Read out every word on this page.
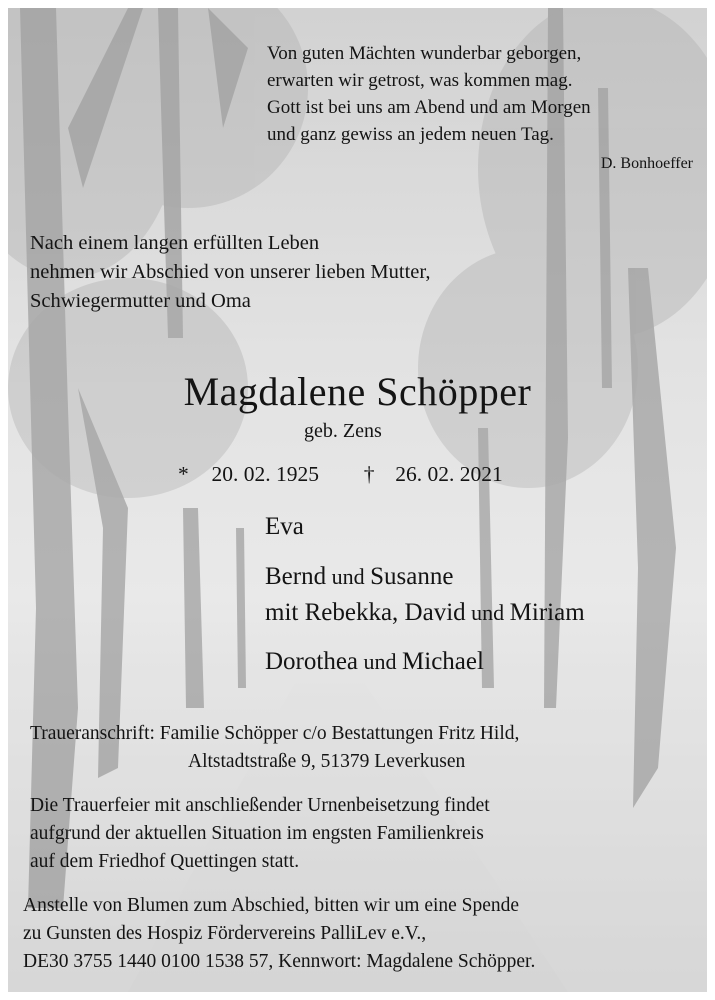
Von guten Mächten wunderbar geborgen,
erwarten wir getrost, was kommen mag.
Gott ist bei uns am Abend und am Morgen
und ganz gewiss an jedem neuen Tag.
D. Bonhoeffer
Nach einem langen erfüllten Leben
nehmen wir Abschied von unserer lieben Mutter,
Schwiegermutter und Oma
Magdalene Schöpper
geb. Zens
* 20. 02. 1925 † 26. 02. 2021
Eva
Bernd und Susanne
mit Rebekka, David und Miriam
Dorothea und Michael
Traueranschrift: Familie Schöpper c/o Bestattungen Fritz Hild,
Altstadtstraße 9, 51379 Leverkusen
Die Trauerfeier mit anschließender Urnenbeisetzung findet
aufgrund der aktuellen Situation im engsten Familienkreis
auf dem Friedhof Quettingen statt.
Anstelle von Blumen zum Abschied, bitten wir um eine Spende
zu Gunsten des Hospiz Fördervereins PalliLev e.V.,
DE30 3755 1440 0100 1538 57, Kennwort: Magdalene Schöpper.
